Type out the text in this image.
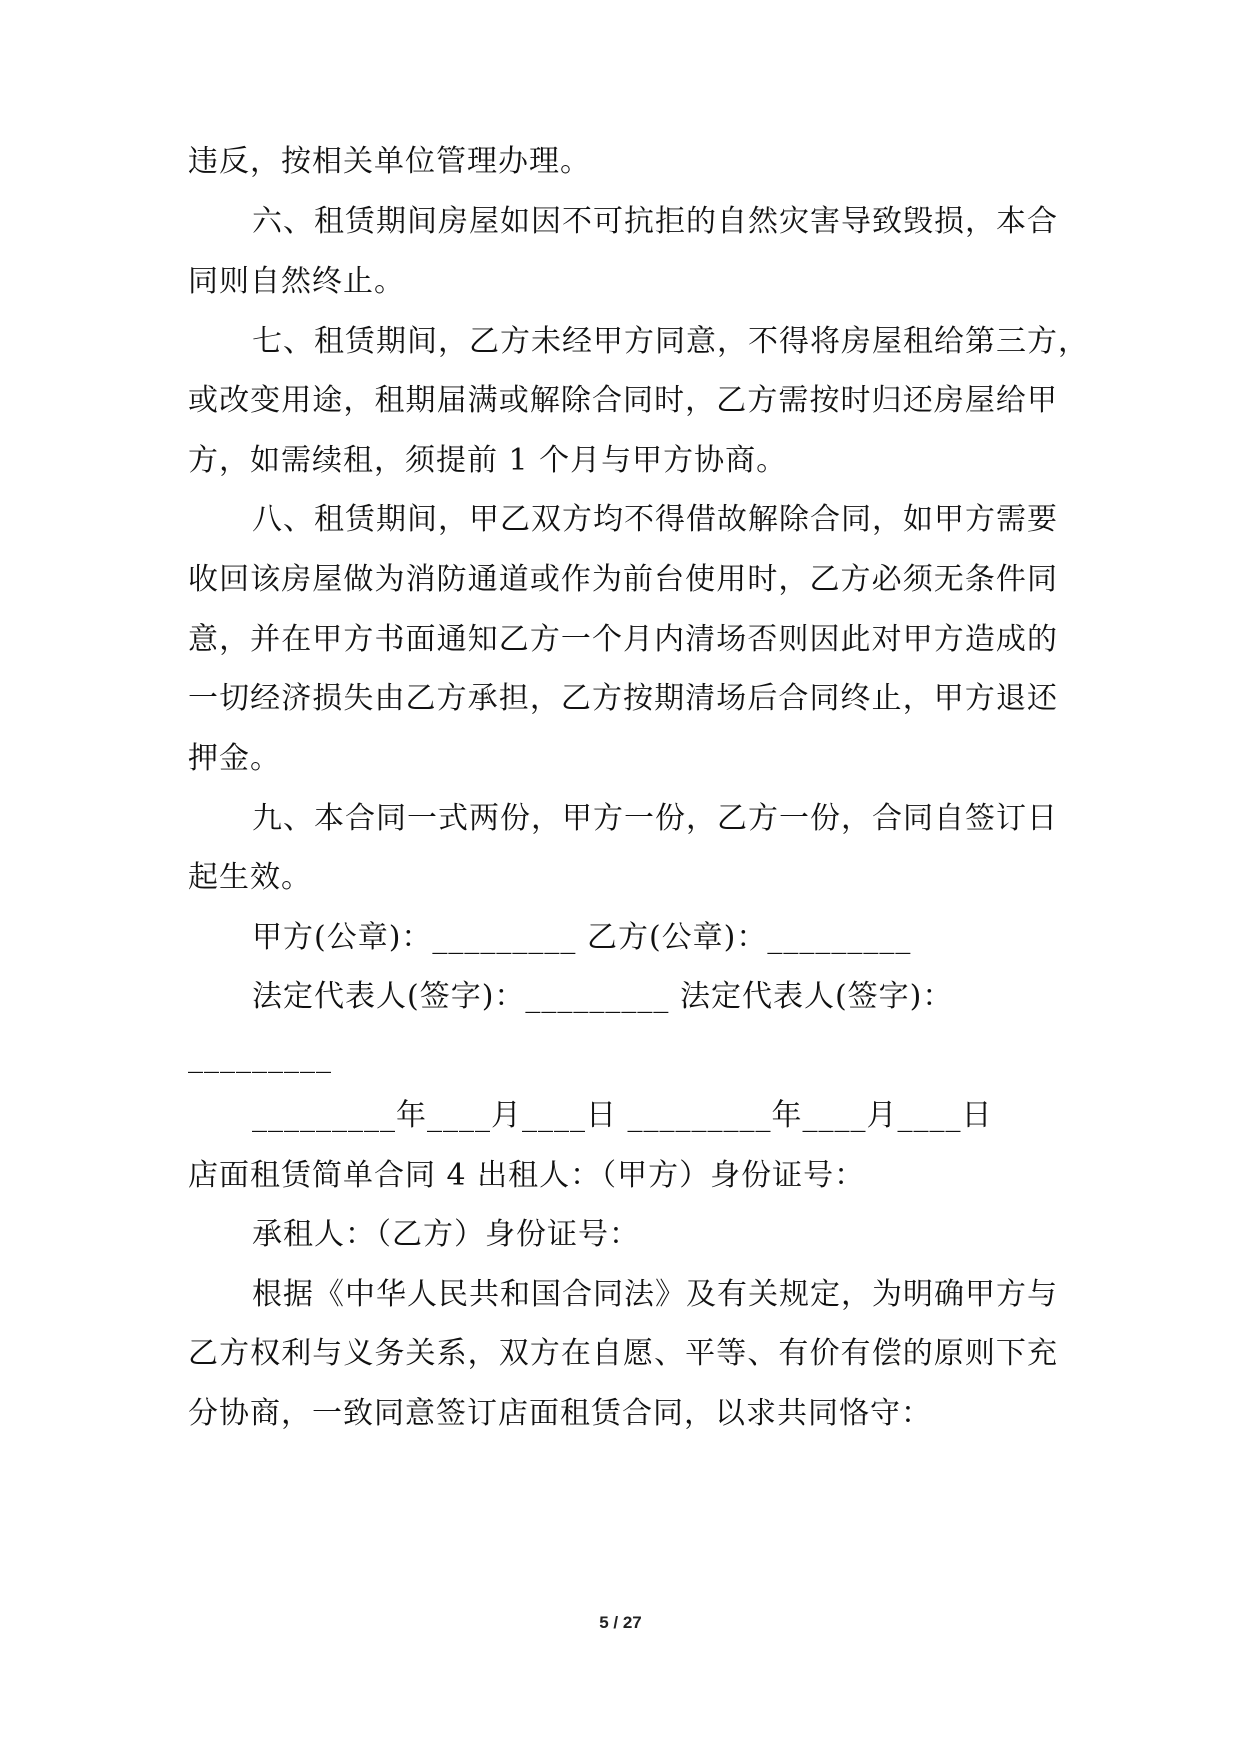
违反，按相关单位管理办理。
六、租赁期间房屋如因不可抗拒的自然灾害导致毁损，本合
同则自然终止。
七、租赁期间，乙方未经甲方同意，不得将房屋租给第三方，
或改变用途，租期届满或解除合同时，乙方需按时归还房屋给甲
方，如需续租，须提前 1 个月与甲方协商。
八、租赁期间，甲乙双方均不得借故解除合同，如甲方需要
收回该房屋做为消防通道或作为前台使用时，乙方必须无条件同
意，并在甲方书面通知乙方一个月内清场否则因此对甲方造成的
一切经济损失由乙方承担，乙方按期清场后合同终止，甲方退还
押金。
九、本合同一式两份，甲方一份，乙方一份，合同自签订日
起生效。
甲方(公章)：_________ 乙方(公章)：_________
法定代表人(签字)：_________ 法定代表人(签字)：
_________
_________年____月____日 _________年____月____日
店面租赁简单合同 4 出租人：（甲方）身份证号：
承租人：（乙方）身份证号：
根据《中华人民共和国合同法》及有关规定，为明确甲方与
乙方权利与义务关系，双方在自愿、平等、有价有偿的原则下充
分协商，一致同意签订店面租赁合同，以求共同恪守：
5 / 27
